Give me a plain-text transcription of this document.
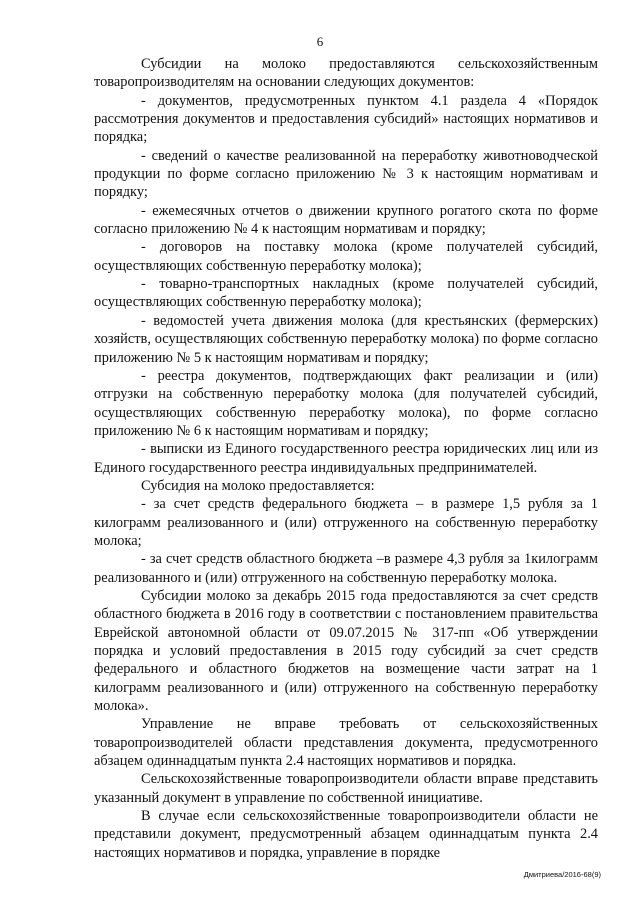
6

Субсидии на молоко предоставляются сельскохозяйственным товаропроизводителям на основании следующих документов:

- документов, предусмотренных пунктом 4.1 раздела 4 «Порядок рассмотрения документов и предоставления субсидий» настоящих нормативов и порядка;

- сведений о качестве реализованной на переработку животноводческой продукции по форме согласно приложению № 3 к настоящим нормативам и порядку;

- ежемесячных отчетов о движении крупного рогатого скота по форме согласно приложению № 4 к настоящим нормативам и порядку;

- договоров на поставку молока (кроме получателей субсидий, осуществляющих собственную переработку молока);

- товарно-транспортных накладных (кроме получателей субсидий, осуществляющих собственную переработку молока);

- ведомостей учета движения молока (для крестьянских (фермерских) хозяйств, осуществляющих собственную переработку молока) по форме согласно приложению № 5 к настоящим нормативам и порядку;

- реестра документов, подтверждающих факт реализации и (или) отгрузки на собственную переработку молока (для получателей субсидий, осуществляющих собственную переработку молока), по форме согласно приложению № 6 к настоящим нормативам и порядку;

- выписки из Единого государственного реестра юридических лиц или из Единого государственного реестра индивидуальных предпринимателей.

Субсидия на молоко предоставляется:

- за счет средств федерального бюджета – в размере 1,5 рубля за 1 килограмм реализованного и (или) отгруженного на собственную переработку молока;

- за счет средств областного бюджета –в размере 4,3 рубля за 1килограмм реализованного и (или) отгруженного на собственную переработку молока.

Субсидии молоко за декабрь 2015 года предоставляются за счет средств областного бюджета в 2016 году в соответствии с постановлением правительства Еврейской автономной области от 09.07.2015 № 317-пп «Об утверждении порядка и условий предоставления в 2015 году субсидий за счет средств федерального и областного бюджетов на возмещение части затрат на 1 килограмм реализованного и (или) отгруженного на собственную переработку молока».

Управление не вправе требовать от сельскохозяйственных товаропроизводителей области представления документа, предусмотренного абзацем одиннадцатым пункта 2.4 настоящих нормативов и порядка.

Сельскохозяйственные товаропроизводители области вправе представить указанный документ в управление по собственной инициативе.

В случае если сельскохозяйственные товаропроизводители области не представили документ, предусмотренный абзацем одиннадцатым пункта 2.4 настоящих нормативов и порядка, управление в порядке

Дмитриева/2016-68(9)
